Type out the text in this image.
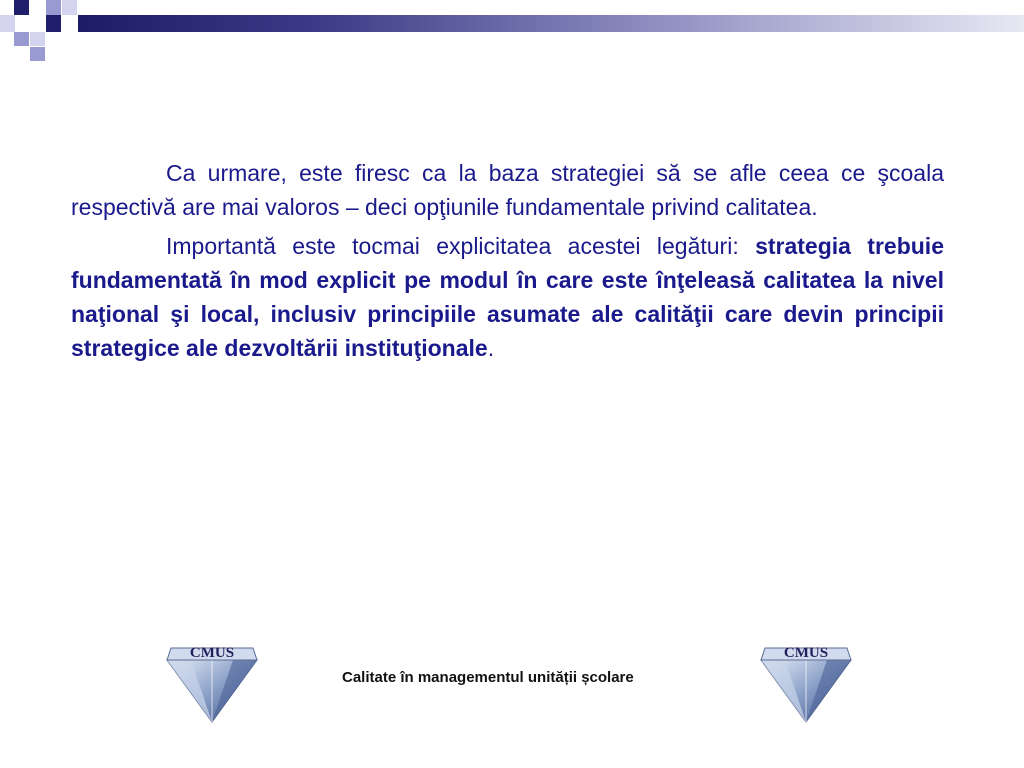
Ca urmare, este firesc ca la baza strategiei să se afle ceea ce şcoala respectivă are mai valoros – deci opţiunile fundamentale privind calitatea.

Importantă este tocmai explicitatea acestei legături: strategia trebuie fundamentată în mod explicit pe modul în care este înţeleasă calitatea la nivel naţional şi local, inclusiv principiile asumate ale calităţii care devin principii strategice ale dezvoltării instituţionale.

CMUS
Calitate în managementul unității școlare
CMUS
